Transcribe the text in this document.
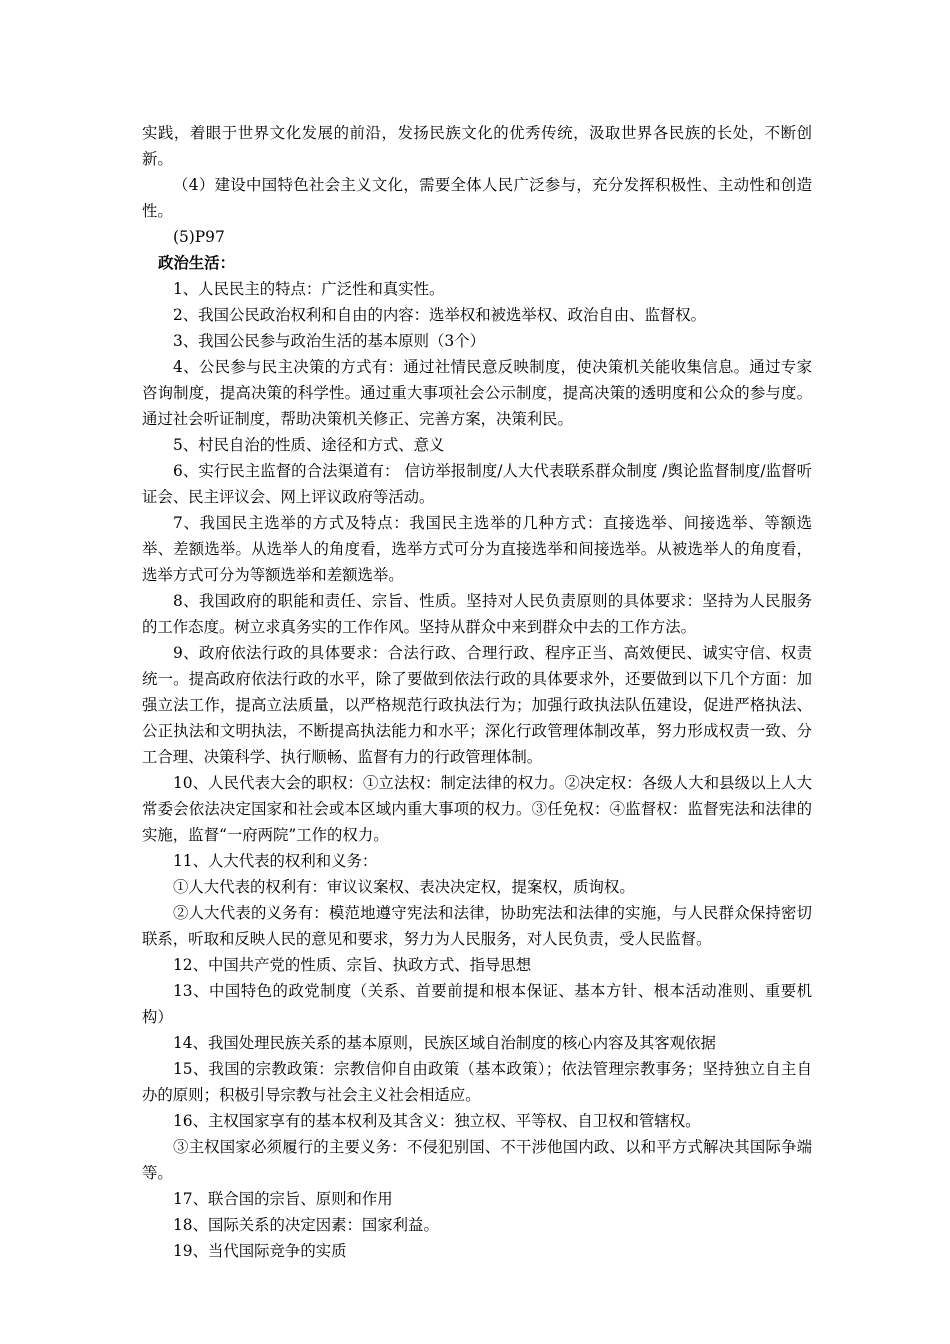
实践，着眼于世界文化发展的前沿，发扬民族文化的优秀传统，汲取世界各民族的长处，不断创新。

（4）建设中国特色社会主义文化，需要全体人民广泛参与，充分发挥积极性、主动性和创造性。

(5)P97

政治生活：

1、人民民主的特点：广泛性和真实性。

2、我国公民政治权利和自由的内容：选举权和被选举权、政治自由、监督权。

3、我国公民参与政治生活的基本原则（3个）

4、公民参与民主决策的方式有：通过社情民意反映制度，使决策机关能收集信息。通过专家咨询制度，提高决策的科学性。通过重大事项社会公示制度，提高决策的透明度和公众的参与度。通过社会听证制度，帮助决策机关修正、完善方案，决策利民。

5、村民自治的性质、途径和方式、意义

6、实行民主监督的合法渠道有： 信访举报制度/人大代表联系群众制度 /舆论监督制度/监督听证会、民主评议会、网上评议政府等活动。

7、我国民主选举的方式及特点：我国民主选举的几种方式：直接选举、间接选举、等额选举、差额选举。从选举人的角度看，选举方式可分为直接选举和间接选举。从被选举人的角度看，选举方式可分为等额选举和差额选举。

8、我国政府的职能和责任、宗旨、性质。坚持对人民负责原则的具体要求：坚持为人民服务的工作态度。树立求真务实的工作作风。坚持从群众中来到群众中去的工作方法。

9、政府依法行政的具体要求：合法行政、合理行政、程序正当、高效便民、诚实守信、权责统一。提高政府依法行政的水平，除了要做到依法行政的具体要求外，还要做到以下几个方面：加强立法工作，提高立法质量，以严格规范行政执法行为；加强行政执法队伍建设，促进严格执法、公正执法和文明执法，不断提高执法能力和水平；深化行政管理体制改革，努力形成权责一致、分工合理、决策科学、执行顺畅、监督有力的行政管理体制。

10、人民代表大会的职权：①立法权：制定法律的权力。②决定权：各级人大和县级以上人大常委会依法决定国家和社会或本区域内重大事项的权力。③任免权：④监督权：监督宪法和法律的实施，监督“一府两院”工作的权力。

11、人大代表的权利和义务：

①人大代表的权利有：审议议案权、表决决定权，提案权，质询权。

②人大代表的义务有：模范地遵守宪法和法律，协助宪法和法律的实施，与人民群众保持密切联系，听取和反映人民的意见和要求，努力为人民服务，对人民负责，受人民监督。

12、中国共产党的性质、宗旨、执政方式、指导思想

13、中国特色的政党制度（关系、首要前提和根本保证、基本方针、根本活动准则、重要机构）

14、我国处理民族关系的基本原则，民族区域自治制度的核心内容及其客观依据

15、我国的宗教政策：宗教信仰自由政策（基本政策）；依法管理宗教事务；坚持独立自主自办的原则；积极引导宗教与社会主义社会相适应。

16、主权国家享有的基本权利及其含义：独立权、平等权、自卫权和管辖权。

③主权国家必须履行的主要义务：不侵犯别国、不干涉他国内政、以和平方式解决其国际争端等。

17、联合国的宗旨、原则和作用

18、国际关系的决定因素：国家利益。

19、当代国际竞争的实质
